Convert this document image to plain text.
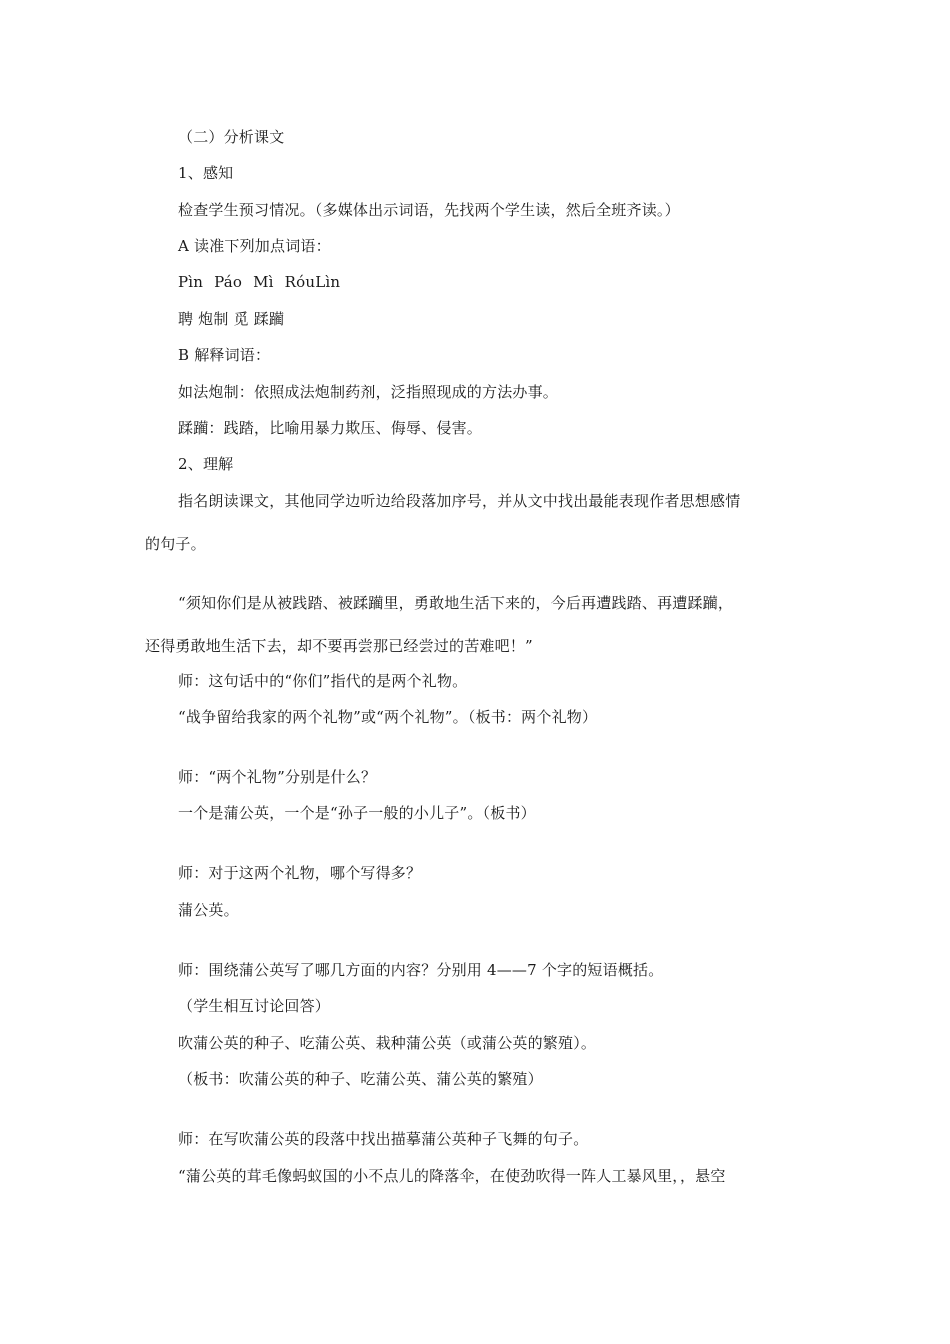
（二）分析课文

1、感知

检查学生预习情况。（多媒体出示词语，先找两个学生读，然后全班齐读。）

A 读准下列加点词语：

Pìn Páo Mì RóuLìn

聘 炮制 觅 蹂躏

B 解释词语：

如法炮制：依照成法炮制药剂，泛指照现成的方法办事。

蹂躏：践踏，比喻用暴力欺压、侮辱、侵害。

2、理解

指名朗读课文，其他同学边听边给段落加序号，并从文中找出最能表现作者思想感情

的句子。

“须知你们是从被践踏、被蹂躏里，勇敢地生活下来的，今后再遭践踏、再遭蹂躏，

还得勇敢地生活下去，却不要再尝那已经尝过的苦难吧！”

师：这句话中的“你们”指代的是两个礼物。

“战争留给我家的两个礼物”或“两个礼物”。（板书：两个礼物）

师：“两个礼物”分别是什么？

一个是蒲公英，一个是“孙子一般的小儿子”。（板书）

师：对于这两个礼物，哪个写得多？

蒲公英。

师：围绕蒲公英写了哪几方面的内容？分别用 4——7 个字的短语概括。

（学生相互讨论回答）

吹蒲公英的种子、吃蒲公英、栽种蒲公英（或蒲公英的繁殖）。

（板书：吹蒲公英的种子、吃蒲公英、蒲公英的繁殖）

师：在写吹蒲公英的段落中找出描摹蒲公英种子飞舞的句子。

“蒲公英的茸毛像蚂蚁国的小不点儿的降落伞，在使劲吹得一阵人工暴风里，，悬空
